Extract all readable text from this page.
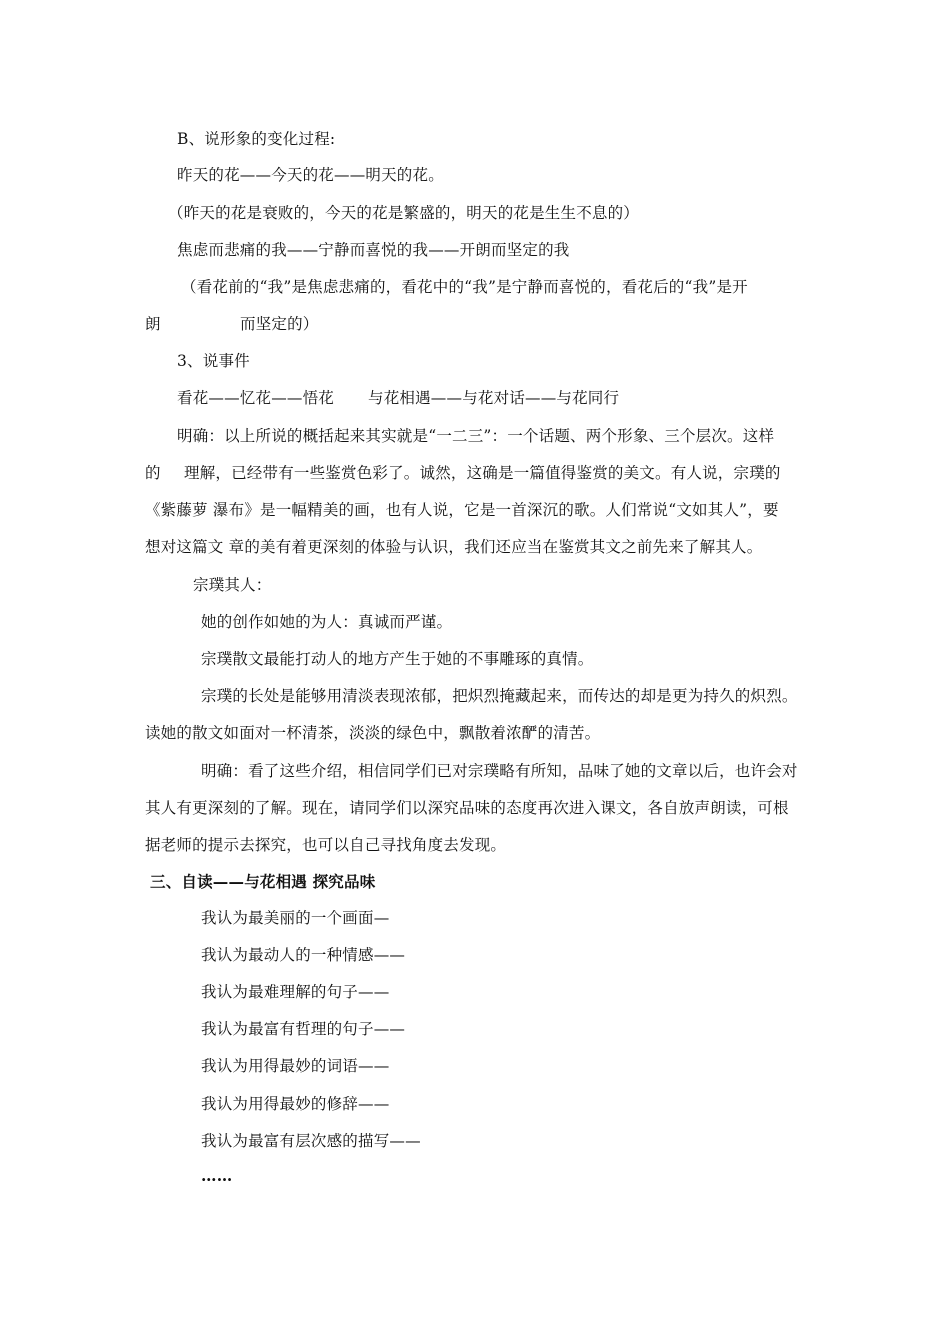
B、说形象的变化过程:
昨天的花——今天的花——明天的花。
（昨天的花是衰败的，今天的花是繁盛的，明天的花是生生不息的）
焦虑而悲痛的我——宁静而喜悦的我——开朗而坚定的我
（看花前的“我”是焦虑悲痛的，看花中的“我”是宁静而喜悦的，看花后的“我”是开
朗	而坚定的）
3、说事件
看花——忆花——悟花 与花相遇——与花对话——与花同行
明确：以上所说的概括起来其实就是“一二三”：一个话题、两个形象、三个层次。这样
的 理解，已经带有一些鉴赏色彩了。诚然，这确是一篇值得鉴赏的美文。有人说，宗璞的
《紫藤萝 瀑布》是一幅精美的画，也有人说，它是一首深沉的歌。人们常说“文如其人”，要
想对这篇文 章的美有着更深刻的体验与认识，我们还应当在鉴赏其文之前先来了解其人。
宗璞其人：
她的创作如她的为人：真诚而严谨。
宗璞散文最能打动人的地方产生于她的不事雕琢的真情。
宗璞的长处是能够用清淡表现浓郁，把炽烈掩藏起来，而传达的却是更为持久的炽烈。
读她的散文如面对一杯清茶，淡淡的绿色中，飘散着浓酽的清苦。
明确：看了这些介绍，相信同学们已对宗璞略有所知，品味了她的文章以后，也许会对
其人有更深刻的了解。现在，请同学们以深究品味的态度再次进入课文，各自放声朗读，可根
据老师的提示去探究，也可以自己寻找角度去发现。
三、自读——与花相遇 探究品味
我认为最美丽的一个画面—
我认为最动人的一种情感——
我认为最难理解的句子——
我认为最富有哲理的句子——
我认为用得最妙的词语——
我认为用得最妙的修辞——
我认为最富有层次感的描写——
……
